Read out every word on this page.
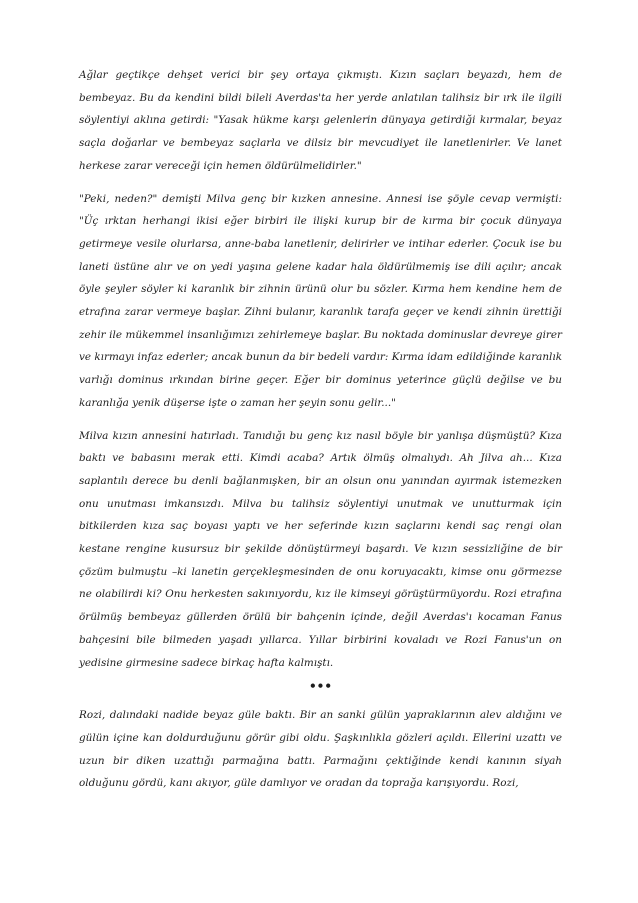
Ağlar geçtikçe dehşet verici bir şey ortaya çıkmıştı. Kızın saçları beyazdı, hem de bembeyaz. Bu da kendini bildi bileli Averdas'ta her yerde anlatılan talihsiz bir ırk ile ilgili söylentiyi aklına getirdi: "Yasak hükme karşı gelenlerin dünyaya getirdiği kırmalar, beyaz saçla doğarlar ve bembeyaz saçlarla ve dilsiz bir mevcudiyet ile lanetlenirler. Ve lanet herkese zarar vereceği için hemen öldürülmelidirler."

"Peki, neden?" demişti Milva genç bir kızken annesine. Annesi ise şöyle cevap vermişti: "Üç ırktan herhangi ikisi eğer birbiri ile ilişki kurup bir de kırma bir çocuk dünyaya getirmeye vesile olurlarsa, anne-baba lanetlenir, delirirler ve intihar ederler. Çocuk ise bu laneti üstüne alır ve on yedi yaşına gelene kadar hala öldürülmemiş ise dili açılır; ancak öyle şeyler söyler ki karanlık bir zihnin ürünü olur bu sözler. Kırma hem kendine hem de etrafına zarar vermeye başlar. Zihni bulanır, karanlık tarafa geçer ve kendi zihnin ürettiği zehir ile mükemmel insanlığımızı zehirlemeye başlar. Bu noktada dominuslar devreye girer ve kırmayı infaz ederler; ancak bunun da bir bedeli vardır: Kırma idam edildiğinde karanlık varlığı dominus ırkından birine geçer. Eğer bir dominus yeterince güçlü değilse ve bu karanlığa yenik düşerse işte o zaman her şeyin sonu gelir..."

Milva kızın annesini hatırladı. Tanıdığı bu genç kız nasıl böyle bir yanlışa düşmüştü? Kıza baktı ve babasını merak etti. Kimdi acaba? Artık ölmüş olmalıydı. Ah Jilva ah... Kıza saplantılı derece bu denli bağlanmışken, bir an olsun onu yanından ayırmak istemezken onu unutması imkansızdı. Milva bu talihsiz söylentiyi unutmak ve unutturmak için bitkilerden kıza saç boyası yaptı ve her seferinde kızın saçlarını kendi saç rengi olan kestane rengine kusursuz bir şekilde dönüştürmeyi başardı. Ve kızın sessizliğine de bir çözüm bulmuştu –ki lanetin gerçekleşmesinden de onu koruyacaktı, kimse onu görmezse ne olabilirdi ki? Onu herkesten sakınıyordu, kız ile kimseyi görüştürmüyordu. Rozi etrafına örülmüş bembeyaz güllerden örülü bir bahçenin içinde, değil Averdas'ı kocaman Fanus bahçesini bile bilmeden yaşadı yıllarca. Yıllar birbirini kovaladı ve Rozi Fanus'un on yedisine girmesine sadece birkaç hafta kalmıştı.

•••

Rozi, dalındaki nadide beyaz güle baktı. Bir an sanki gülün yapraklarının alev aldığını ve gülün içine kan doldurduğunu görür gibi oldu. Şaşkınlıkla gözleri açıldı. Ellerini uzattı ve uzun bir diken uzattığı parmağına battı. Parmağını çektiğinde kendi kanının siyah olduğunu gördü, kanı akıyor, güle damlıyor ve oradan da toprağa karışıyordu. Rozi,
